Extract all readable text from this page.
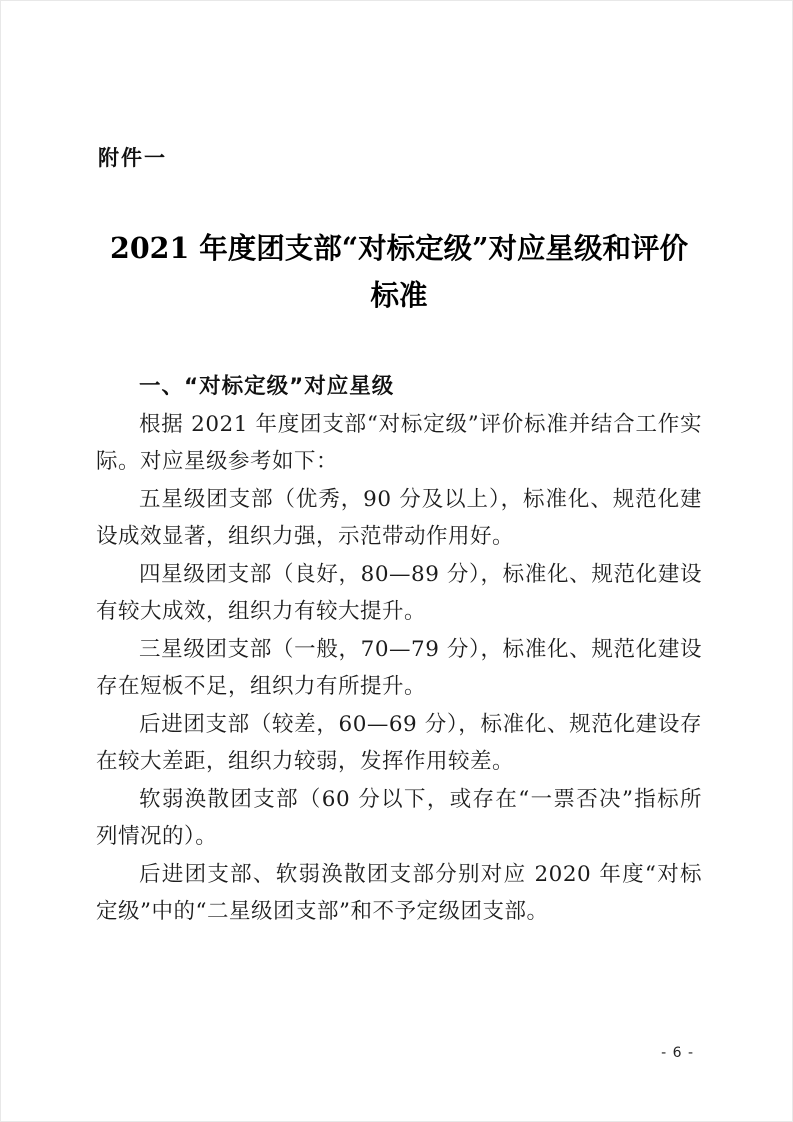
附件一
2021 年度团支部“对标定级”对应星级和评价标准
一、“对标定级”对应星级

根据 2021 年度团支部“对标定级”评价标准并结合工作实际。对应星级参考如下：

五星级团支部（优秀，90 分及以上），标准化、规范化建设成效显著，组织力强，示范带动作用好。

四星级团支部（良好，80—89 分），标准化、规范化建设有较大成效，组织力有较大提升。

三星级团支部（一般，70—79 分），标准化、规范化建设存在短板不足，组织力有所提升。

后进团支部（较差，60—69 分），标准化、规范化建设存在较大差距，组织力较弱，发挥作用较差。

软弱涣散团支部（60 分以下，或存在“一票否决”指标所列情况的）。

后进团支部、软弱涣散团支部分别对应 2020 年度“对标定级”中的“二星级团支部”和不予定级团支部。

- 6 -
